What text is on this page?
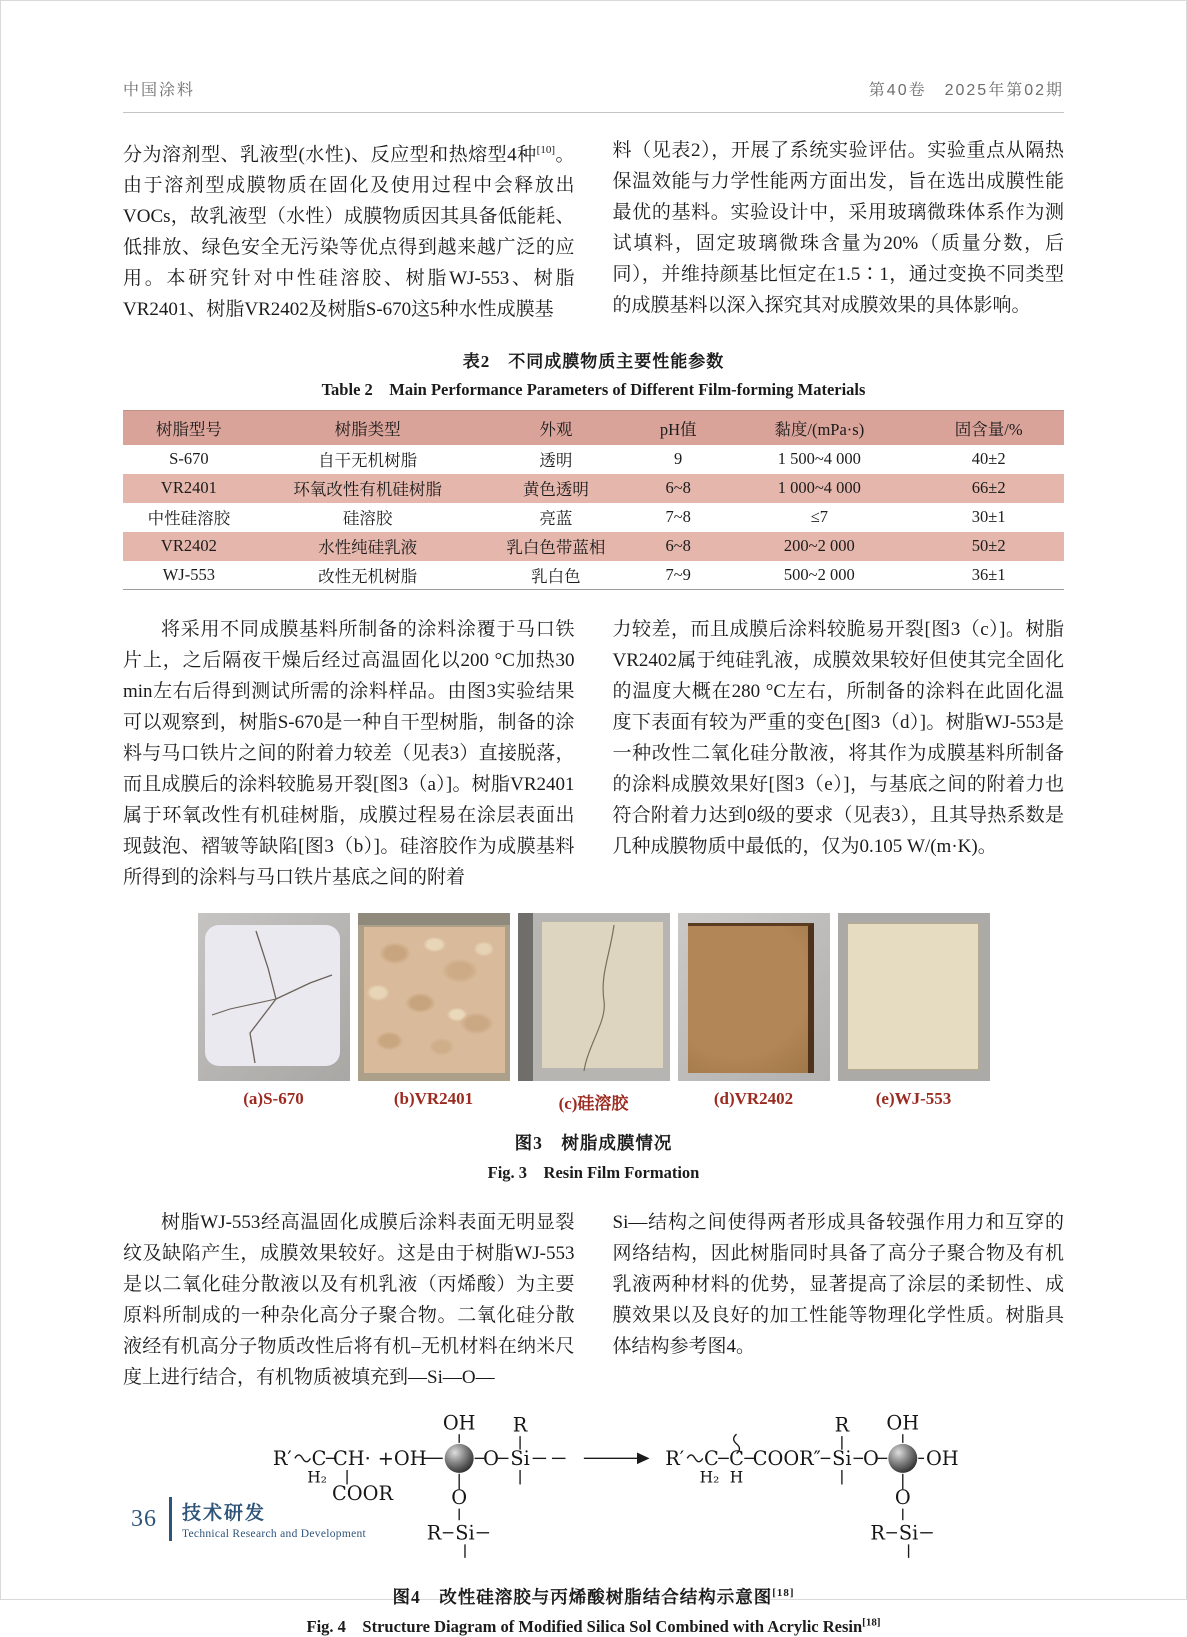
中国涂料	第40卷　2025年第02期

分为溶剂型、乳液型(水性)、反应型和热熔型4种[10]。由于溶剂型成膜物质在固化及使用过程中会释放出VOCs，故乳液型（水性）成膜物质因其具备低能耗、低排放、绿色安全无污染等优点得到越来越广泛的应用。本研究针对中性硅溶胶、树脂WJ-553、树脂VR2401、树脂VR2402及树脂S-670这5种水性成膜基

料（见表2），开展了系统实验评估。实验重点从隔热保温效能与力学性能两方面出发，旨在选出成膜性能最优的基料。实验设计中，采用玻璃微珠体系作为测试填料，固定玻璃微珠含量为20%（质量分数，后同），并维持颜基比恒定在1.5∶1，通过变换不同类型的成膜基料以深入探究其对成膜效果的具体影响。

表2　不同成膜物质主要性能参数
Table 2　Main Performance Parameters of Different Film-forming Materials
树脂型号	树脂类型	外观	pH值	黏度/(mPa·s)	固含量/%
S-670	自干无机树脂	透明	9	1 500~4 000	40±2
VR2401	环氧改性有机硅树脂	黄色透明	6~8	1 000~4 000	66±2
中性硅溶胶	硅溶胶	亮蓝	7~8	≤7	30±1
VR2402	水性纯硅乳液	乳白色带蓝相	6~8	200~2 000	50±2
WJ-553	改性无机树脂	乳白色	7~9	500~2 000	36±1

将采用不同成膜基料所制备的涂料涂覆于马口铁片上，之后隔夜干燥后经过高温固化以200 °C加热30 min左右后得到测试所需的涂料样品。由图3实验结果可以观察到，树脂S-670是一种自干型树脂，制备的涂料与马口铁片之间的附着力较差（见表3）直接脱落，而且成膜后的涂料较脆易开裂[图3（a）]。树脂VR2401属于环氧改性有机硅树脂，成膜过程易在涂层表面出现鼓泡、褶皱等缺陷[图3（b）]。硅溶胶作为成膜基料所得到的涂料与马口铁片基底之间的附着

力较差，而且成膜后涂料较脆易开裂[图3（c）]。树脂VR2402属于纯硅乳液，成膜效果较好但使其完全固化的温度大概在280 °C左右，所制备的涂料在此固化温度下表面有较为严重的变色[图3（d）]。树脂WJ-553是一种改性二氧化硅分散液，将其作为成膜基料所制备的涂料成膜效果好[图3（e）]，与基底之间的附着力也符合附着力达到0级的要求（见表3），且其导热系数是几种成膜物质中最低的，仅为0.105 W/(m·K)。

(a)S-670	(b)VR2401	(c)硅溶胶	(d)VR2402	(e)WJ-553
图3　树脂成膜情况
Fig. 3　Resin Film Formation

树脂WJ-553经高温固化成膜后涂料表面无明显裂纹及缺陷产生，成膜效果较好。这是由于树脂WJ-553是以二氧化硅分散液以及有机乳液（丙烯酸）为主要原料所制成的一种杂化高分子聚合物。二氧化硅分散液经有机高分子物质改性后将有机–无机材料在纳米尺度上进行结合，有机物质被填充到—Si—O—

Si—结构之间使得两者形成具备较强作用力和互穿的网络结构，因此树脂同时具备了高分子聚合物及有机乳液两种材料的优势，显著提高了涂层的柔韧性、成膜效果以及良好的加工性能等物理化学性质。树脂具体结构参考图4。

R′ C
H₂
CH·
COOR
+OH
OH
O Si
R
O
R Si
R′ C
H₂
C
H
COOR″ Si
R
O
OH
OH
O
R Si
图4　改性硅溶胶与丙烯酸树脂结合结构示意图[18]
Fig. 4　Structure Diagram of Modified Silica Sol Combined with Acrylic Resin[18]
36 技术研发
Technical Research and Development
